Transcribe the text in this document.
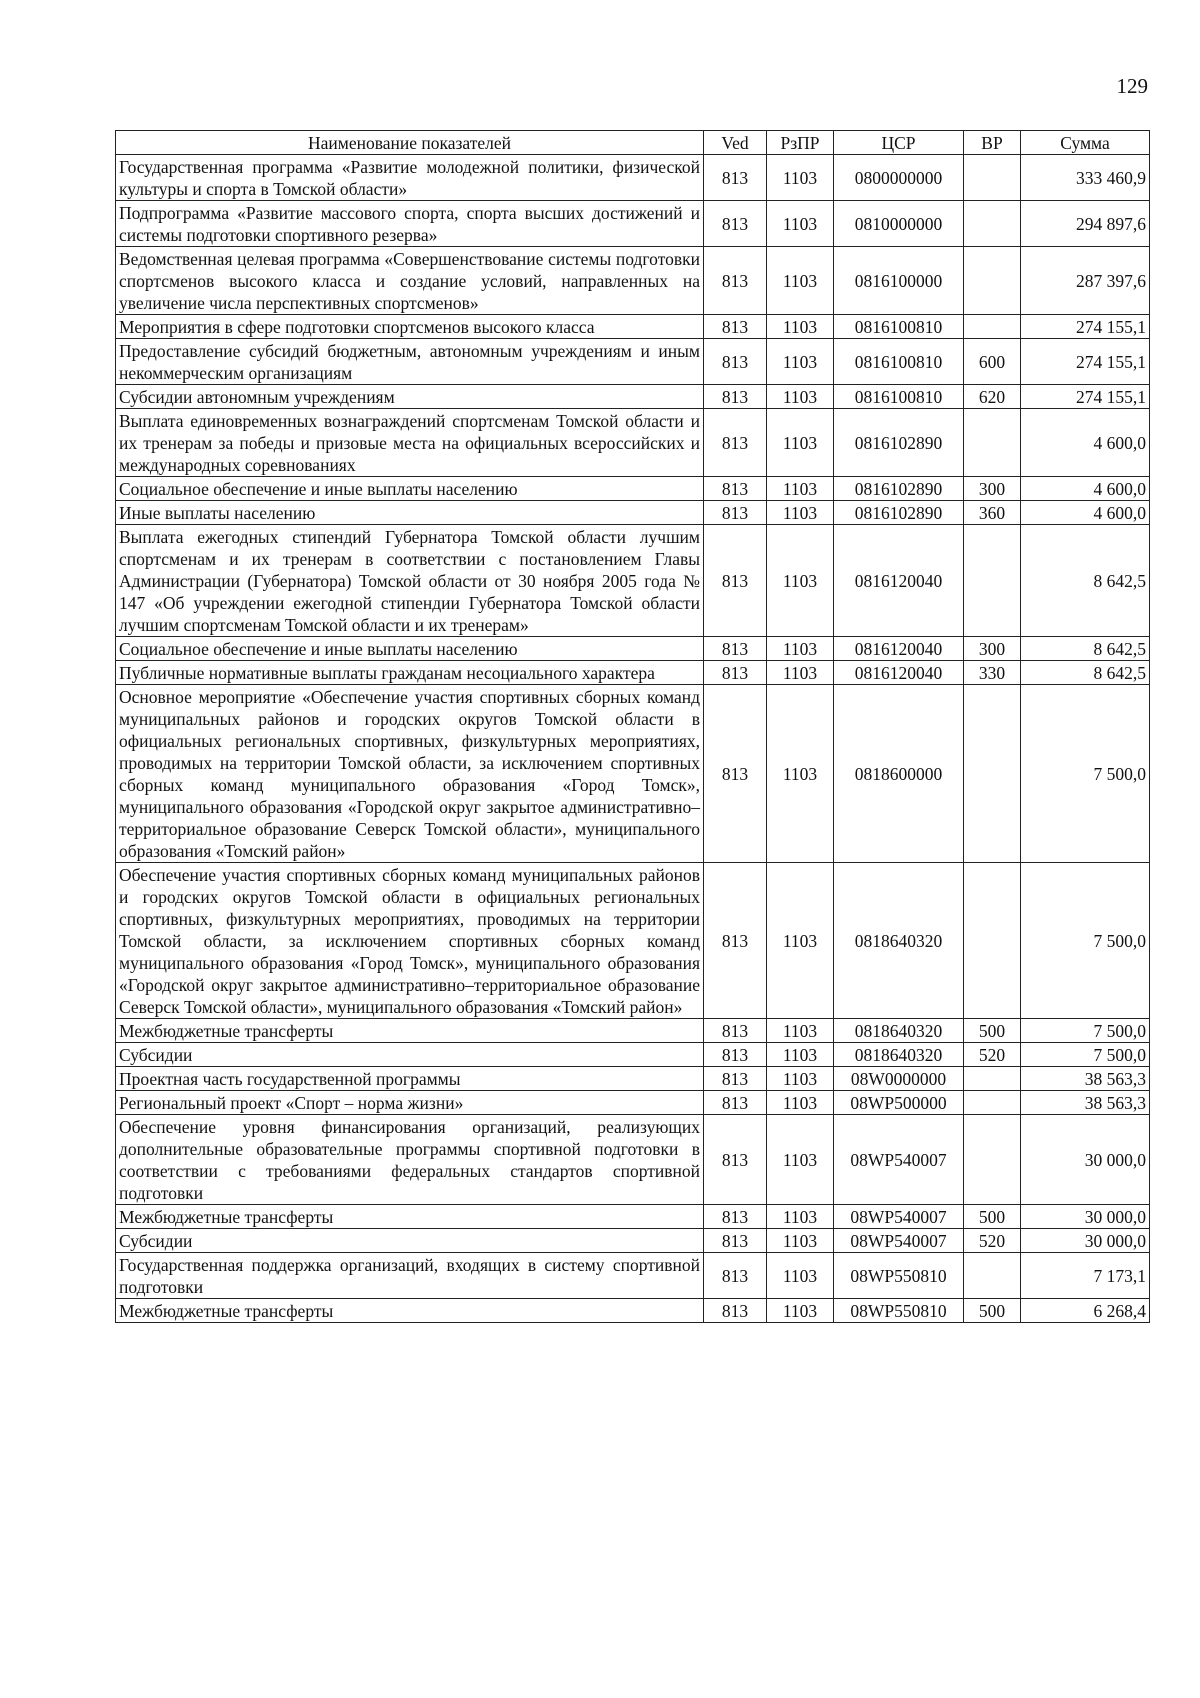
129
Наименование показателей	Ved	РзПР	ЦСР	ВР	Сумма
Государственная программа «Развитие молодежной политики, физической культуры и спорта в Томской области»	813	1103	0800000000		333 460,9
Подпрограмма «Развитие массового спорта, спорта высших достижений и системы подготовки спортивного резерва»	813	1103	0810000000		294 897,6
Ведомственная целевая программа «Совершенствование системы подготовки спортсменов высокого класса и создание условий, направленных на увеличение числа перспективных спортсменов»	813	1103	0816100000		287 397,6
Мероприятия в сфере подготовки спортсменов высокого класса	813	1103	0816100810		274 155,1
Предоставление субсидий бюджетным, автономным учреждениям и иным некоммерческим организациям	813	1103	0816100810	600	274 155,1
Субсидии автономным учреждениям	813	1103	0816100810	620	274 155,1
Выплата единовременных вознаграждений спортсменам Томской области и их тренерам за победы и призовые места на официальных всероссийских и международных соревнованиях	813	1103	0816102890		4 600,0
Социальное обеспечение и иные выплаты населению	813	1103	0816102890	300	4 600,0
Иные выплаты населению	813	1103	0816102890	360	4 600,0
Выплата ежегодных стипендий Губернатора Томской области лучшим спортсменам и их тренерам в соответствии с постановлением Главы Администрации (Губернатора) Томской области от 30 ноября 2005 года № 147 «Об учреждении ежегодной стипендии Губернатора Томской области лучшим спортсменам Томской области и их тренерам»	813	1103	0816120040		8 642,5
Социальное обеспечение и иные выплаты населению	813	1103	0816120040	300	8 642,5
Публичные нормативные выплаты гражданам несоциального характера	813	1103	0816120040	330	8 642,5
Основное мероприятие «Обеспечение участия спортивных сборных команд муниципальных районов и городских округов Томской области в официальных региональных спортивных, физкультурных мероприятиях, проводимых на территории Томской области, за исключением спортивных сборных команд муниципального образования «Город Томск», муниципального образования «Городской округ закрытое административно–территориальное образование Северск Томской области», муниципального образования «Томский район»	813	1103	0818600000		7 500,0
Обеспечение участия спортивных сборных команд муниципальных районов и городских округов Томской области в официальных региональных спортивных, физкультурных мероприятиях, проводимых на территории Томской области, за исключением спортивных сборных команд муниципального образования «Город Томск», муниципального образования «Городской округ закрытое административно–территориальное образование Северск Томской области», муниципального образования «Томский район»	813	1103	0818640320		7 500,0
Межбюджетные трансферты	813	1103	0818640320	500	7 500,0
Субсидии	813	1103	0818640320	520	7 500,0
Проектная часть государственной программы	813	1103	08W0000000		38 563,3
Региональный проект «Спорт – норма жизни»	813	1103	08WP500000		38 563,3
Обеспечение уровня финансирования организаций, реализующих дополнительные образовательные программы спортивной подготовки в соответствии с требованиями федеральных стандартов спортивной подготовки	813	1103	08WP540007		30 000,0
Межбюджетные трансферты	813	1103	08WP540007	500	30 000,0
Субсидии	813	1103	08WP540007	520	30 000,0
Государственная поддержка организаций, входящих в систему спортивной подготовки	813	1103	08WP550810		7 173,1
Межбюджетные трансферты	813	1103	08WP550810	500	6 268,4
